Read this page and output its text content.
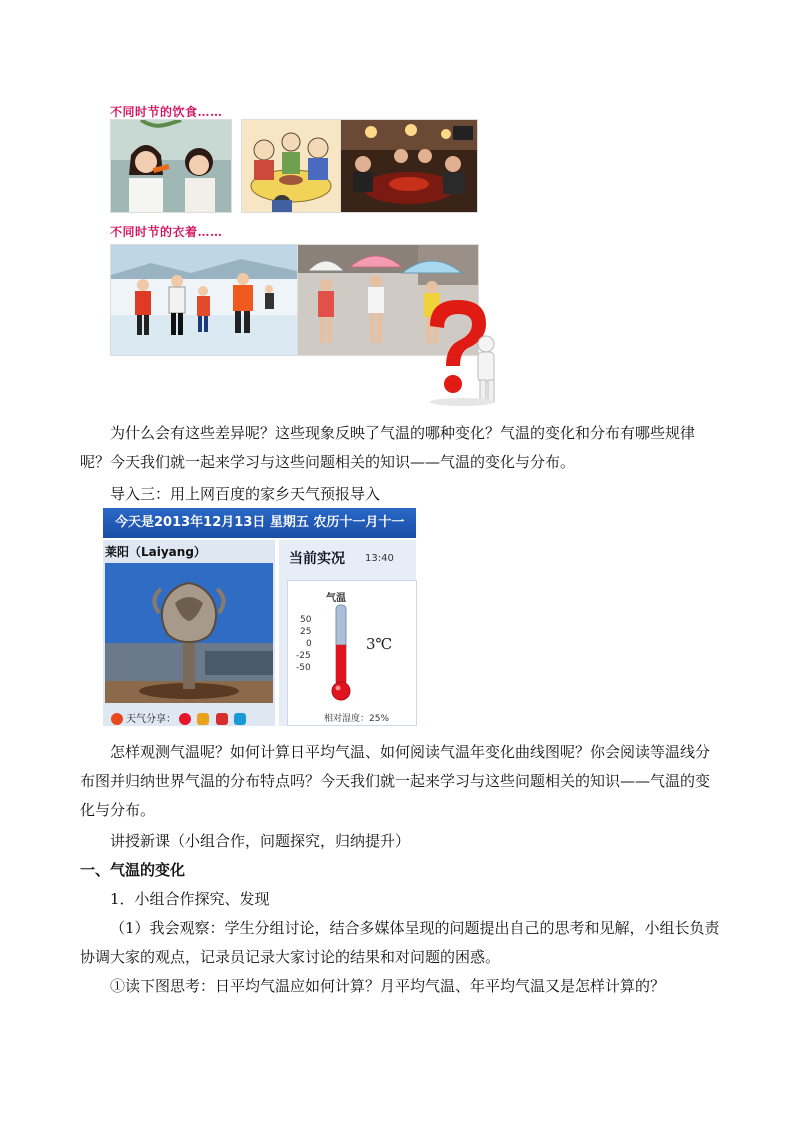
不同时节的饮食……
不同时节的衣着……
为什么会有这些差异呢？这些现象反映了气温的哪种变化？气温的变化和分布有哪些规律呢？今天我们就一起来学习与这些问题相关的知识——气温的变化与分布。
导入三：用上网百度的家乡天气预报导入
今天是2013年12月13日 星期五 农历十一月十一
莱阳（Laiyang）
天气分享：
当前实况 13:40
气温
50
25
0
-25
-50
3℃
相对湿度：25%
怎样观测气温呢？如何计算日平均气温、如何阅读气温年变化曲线图呢？你会阅读等温线分布图并归纳世界气温的分布特点吗？今天我们就一起来学习与这些问题相关的知识——气温的变化与分布。
讲授新课（小组合作，问题探究，归纳提升）
一、气温的变化
1．小组合作探究、发现
（1）我会观察：学生分组讨论，结合多媒体呈现的问题提出自己的思考和见解，小组长负责协调大家的观点，记录员记录大家讨论的结果和对问题的困惑。
①读下图思考：日平均气温应如何计算？月平均气温、年平均气温又是怎样计算的？
